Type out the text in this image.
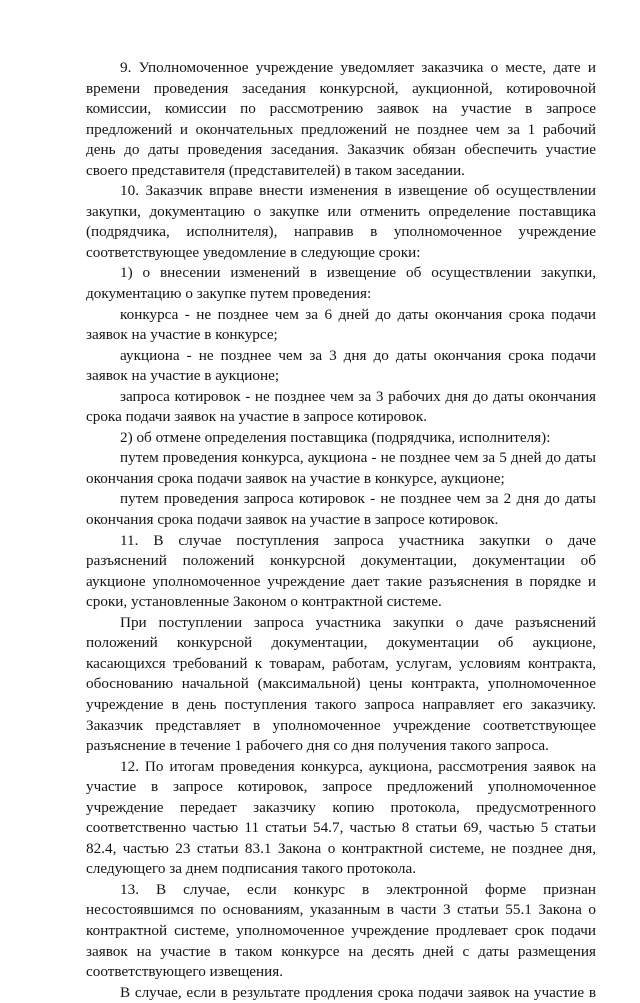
9. Уполномоченное учреждение уведомляет заказчика о месте, дате и
времени проведения заседания конкурсной, аукционной, котировочной
комиссии, комиссии по рассмотрению заявок на участие в запросе
предложений и окончательных предложений не позднее чем за 1 рабочий
день до даты проведения заседания. Заказчик обязан обеспечить участие
своего представителя (представителей) в таком заседании.
10. Заказчик вправе внести изменения в извещение об осуществлении
закупки, документацию о закупке или отменить определение поставщика
(подрядчика, исполнителя), направив в уполномоченное учреждение
соответствующее уведомление в следующие сроки:
1) о внесении изменений в извещение об осуществлении закупки,
документацию о закупке путем проведения:
конкурса - не позднее чем за 6 дней до даты окончания срока подачи
заявок на участие в конкурсе;
аукциона - не позднее чем за 3 дня до даты окончания срока подачи
заявок на участие в аукционе;
запроса котировок - не позднее чем за 3 рабочих дня до даты окончания
срока подачи заявок на участие в запросе котировок.
2) об отмене определения поставщика (подрядчика, исполнителя):
путем проведения конкурса, аукциона - не позднее чем за 5 дней до даты
окончания срока подачи заявок на участие в конкурсе, аукционе;
путем проведения запроса котировок - не позднее чем за 2 дня до даты
окончания срока подачи заявок на участие в запросе котировок.
11. В случае поступления запроса участника закупки о даче
разъяснений положений конкурсной документации, документации об
аукционе уполномоченное учреждение дает такие разъяснения в порядке и
сроки, установленные Законом о контрактной системе.
При поступлении запроса участника закупки о даче разъяснений
положений конкурсной документации, документации об аукционе,
касающихся требований к товарам, работам, услугам, условиям контракта,
обоснованию начальной (максимальной) цены контракта, уполномоченное
учреждение в день поступления такого запроса направляет его заказчику.
Заказчик представляет в уполномоченное учреждение соответствующее
разъяснение в течение 1 рабочего дня со дня получения такого запроса.
12. По итогам проведения конкурса, аукциона, рассмотрения заявок на
участие в запросе котировок, запросе предложений уполномоченное
учреждение передает заказчику копию протокола, предусмотренного
соответственно частью 11 статьи 54.7, частью 8 статьи 69, частью 5 статьи
82.4, частью 23 статьи 83.1 Закона о контрактной системе, не позднее дня,
следующего за днем подписания такого протокола.
13. В случае, если конкурс в электронной форме признан
несостоявшимся по основаниям, указанным в части 3 статьи 55.1 Закона о
контрактной системе, уполномоченное учреждение продлевает срок подачи
заявок на участие в таком конкурсе на десять дней с даты размещения
соответствующего извещения.
В случае, если в результате продления срока подачи заявок на участие в
